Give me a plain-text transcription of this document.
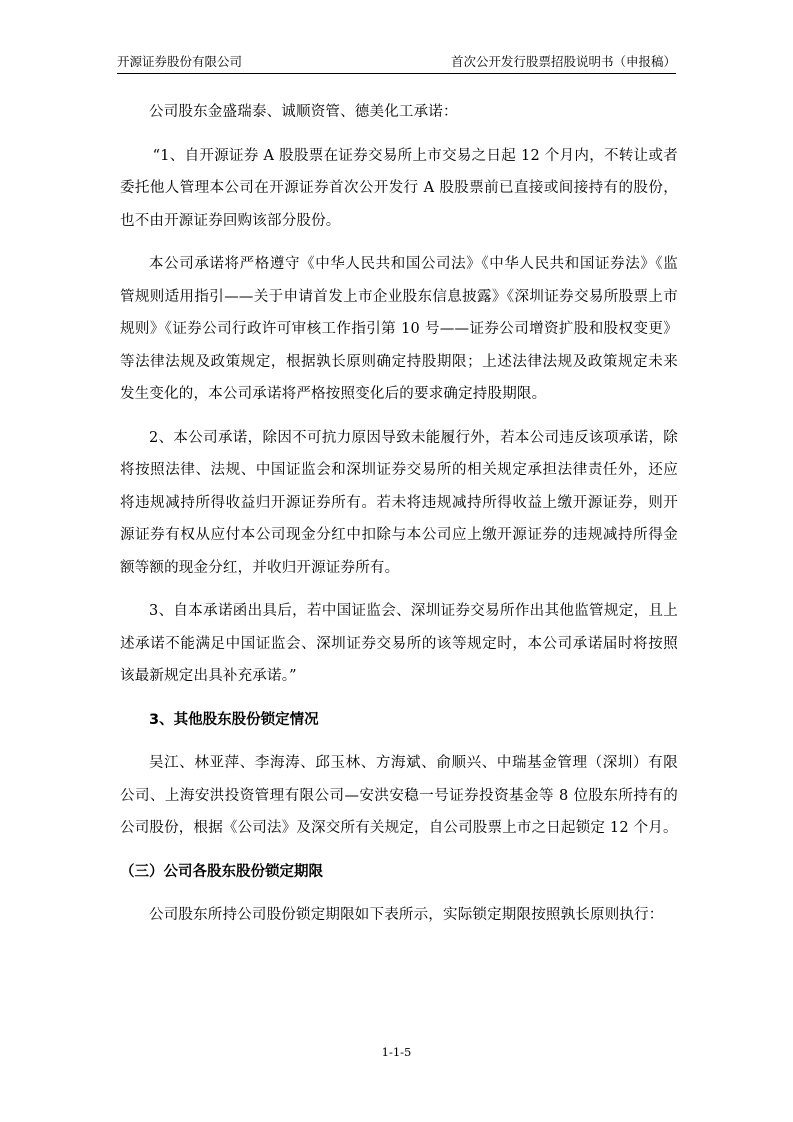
开源证券股份有限公司	首次公开发行股票招股说明书（申报稿）

公司股东金盛瑞泰、诚顺资管、德美化工承诺：

“1、自开源证券 A 股股票在证券交易所上市交易之日起 12 个月内，不转让或者委托他人管理本公司在开源证券首次公开发行 A 股股票前已直接或间接持有的股份，也不由开源证券回购该部分股份。

本公司承诺将严格遵守《中华人民共和国公司法》《中华人民共和国证券法》《监管规则适用指引——关于申请首发上市企业股东信息披露》《深圳证券交易所股票上市规则》《证券公司行政许可审核工作指引第 10 号——证券公司增资扩股和股权变更》等法律法规及政策规定，根据孰长原则确定持股期限；上述法律法规及政策规定未来发生变化的，本公司承诺将严格按照变化后的要求确定持股期限。

2、本公司承诺，除因不可抗力原因导致未能履行外，若本公司违反该项承诺，除将按照法律、法规、中国证监会和深圳证券交易所的相关规定承担法律责任外，还应将违规减持所得收益归开源证券所有。若未将违规减持所得收益上缴开源证券，则开源证券有权从应付本公司现金分红中扣除与本公司应上缴开源证券的违规减持所得金额等额的现金分红，并收归开源证券所有。

3、自本承诺函出具后，若中国证监会、深圳证券交易所作出其他监管规定，且上述承诺不能满足中国证监会、深圳证券交易所的该等规定时，本公司承诺届时将按照该最新规定出具补充承诺。”

3、其他股东股份锁定情况

吴江、林亚萍、李海涛、邱玉林、方海斌、俞顺兴、中瑞基金管理（深圳）有限公司、上海安洪投资管理有限公司—安洪安稳一号证券投资基金等 8 位股东所持有的公司股份，根据《公司法》及深交所有关规定，自公司股票上市之日起锁定 12 个月。

（三）公司各股东股份锁定期限

公司股东所持公司股份锁定期限如下表所示，实际锁定期限按照孰长原则执行：

1-1-5
